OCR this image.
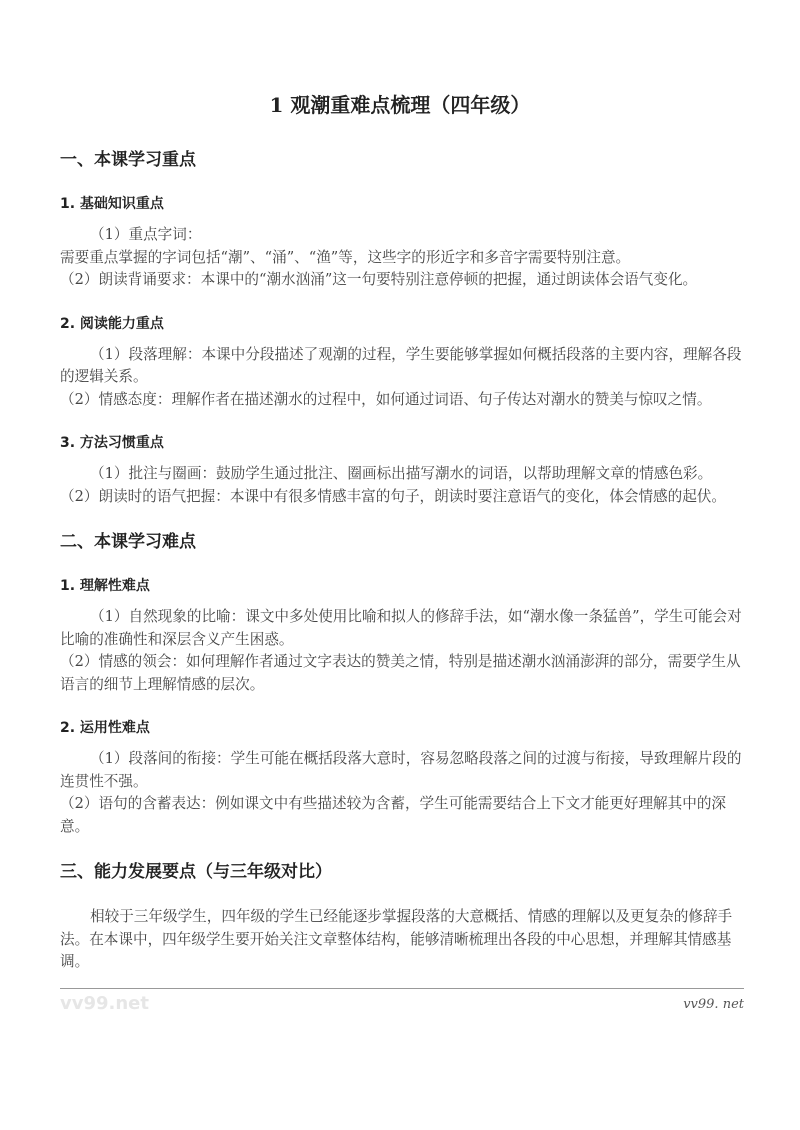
1 观潮重难点梳理（四年级）
一、本课学习重点
1. 基础知识重点
（1）重点字词：
需要重点掌握的字词包括“潮”、“涌”、“渔”等，这些字的形近字和多音字需要特别注意。
（2）朗读背诵要求：本课中的“潮水汹涌”这一句要特别注意停顿的把握，通过朗读体会语气变化。
2. 阅读能力重点
（1）段落理解：本课中分段描述了观潮的过程，学生要能够掌握如何概括段落的主要内容，理解各段的逻辑关系。
（2）情感态度：理解作者在描述潮水的过程中，如何通过词语、句子传达对潮水的赞美与惊叹之情。
3. 方法习惯重点
（1）批注与圈画：鼓励学生通过批注、圈画标出描写潮水的词语，以帮助理解文章的情感色彩。
（2）朗读时的语气把握：本课中有很多情感丰富的句子，朗读时要注意语气的变化，体会情感的起伏。
二、本课学习难点
1. 理解性难点
（1）自然现象的比喻：课文中多处使用比喻和拟人的修辞手法，如“潮水像一条猛兽”，学生可能会对比喻的准确性和深层含义产生困惑。
（2）情感的领会：如何理解作者通过文字表达的赞美之情，特别是描述潮水汹涌澎湃的部分，需要学生从语言的细节上理解情感的层次。
2. 运用性难点
（1）段落间的衔接：学生可能在概括段落大意时，容易忽略段落之间的过渡与衔接，导致理解片段的连贯性不强。
（2）语句的含蓄表达：例如课文中有些描述较为含蓄，学生可能需要结合上下文才能更好理解其中的深意。
三、能力发展要点（与三年级对比）
相较于三年级学生，四年级的学生已经能逐步掌握段落的大意概括、情感的理解以及更复杂的修辞手法。在本课中，四年级学生要开始关注文章整体结构，能够清晰梳理出各段的中心思想，并理解其情感基调。
vv99.net	vv99. net
